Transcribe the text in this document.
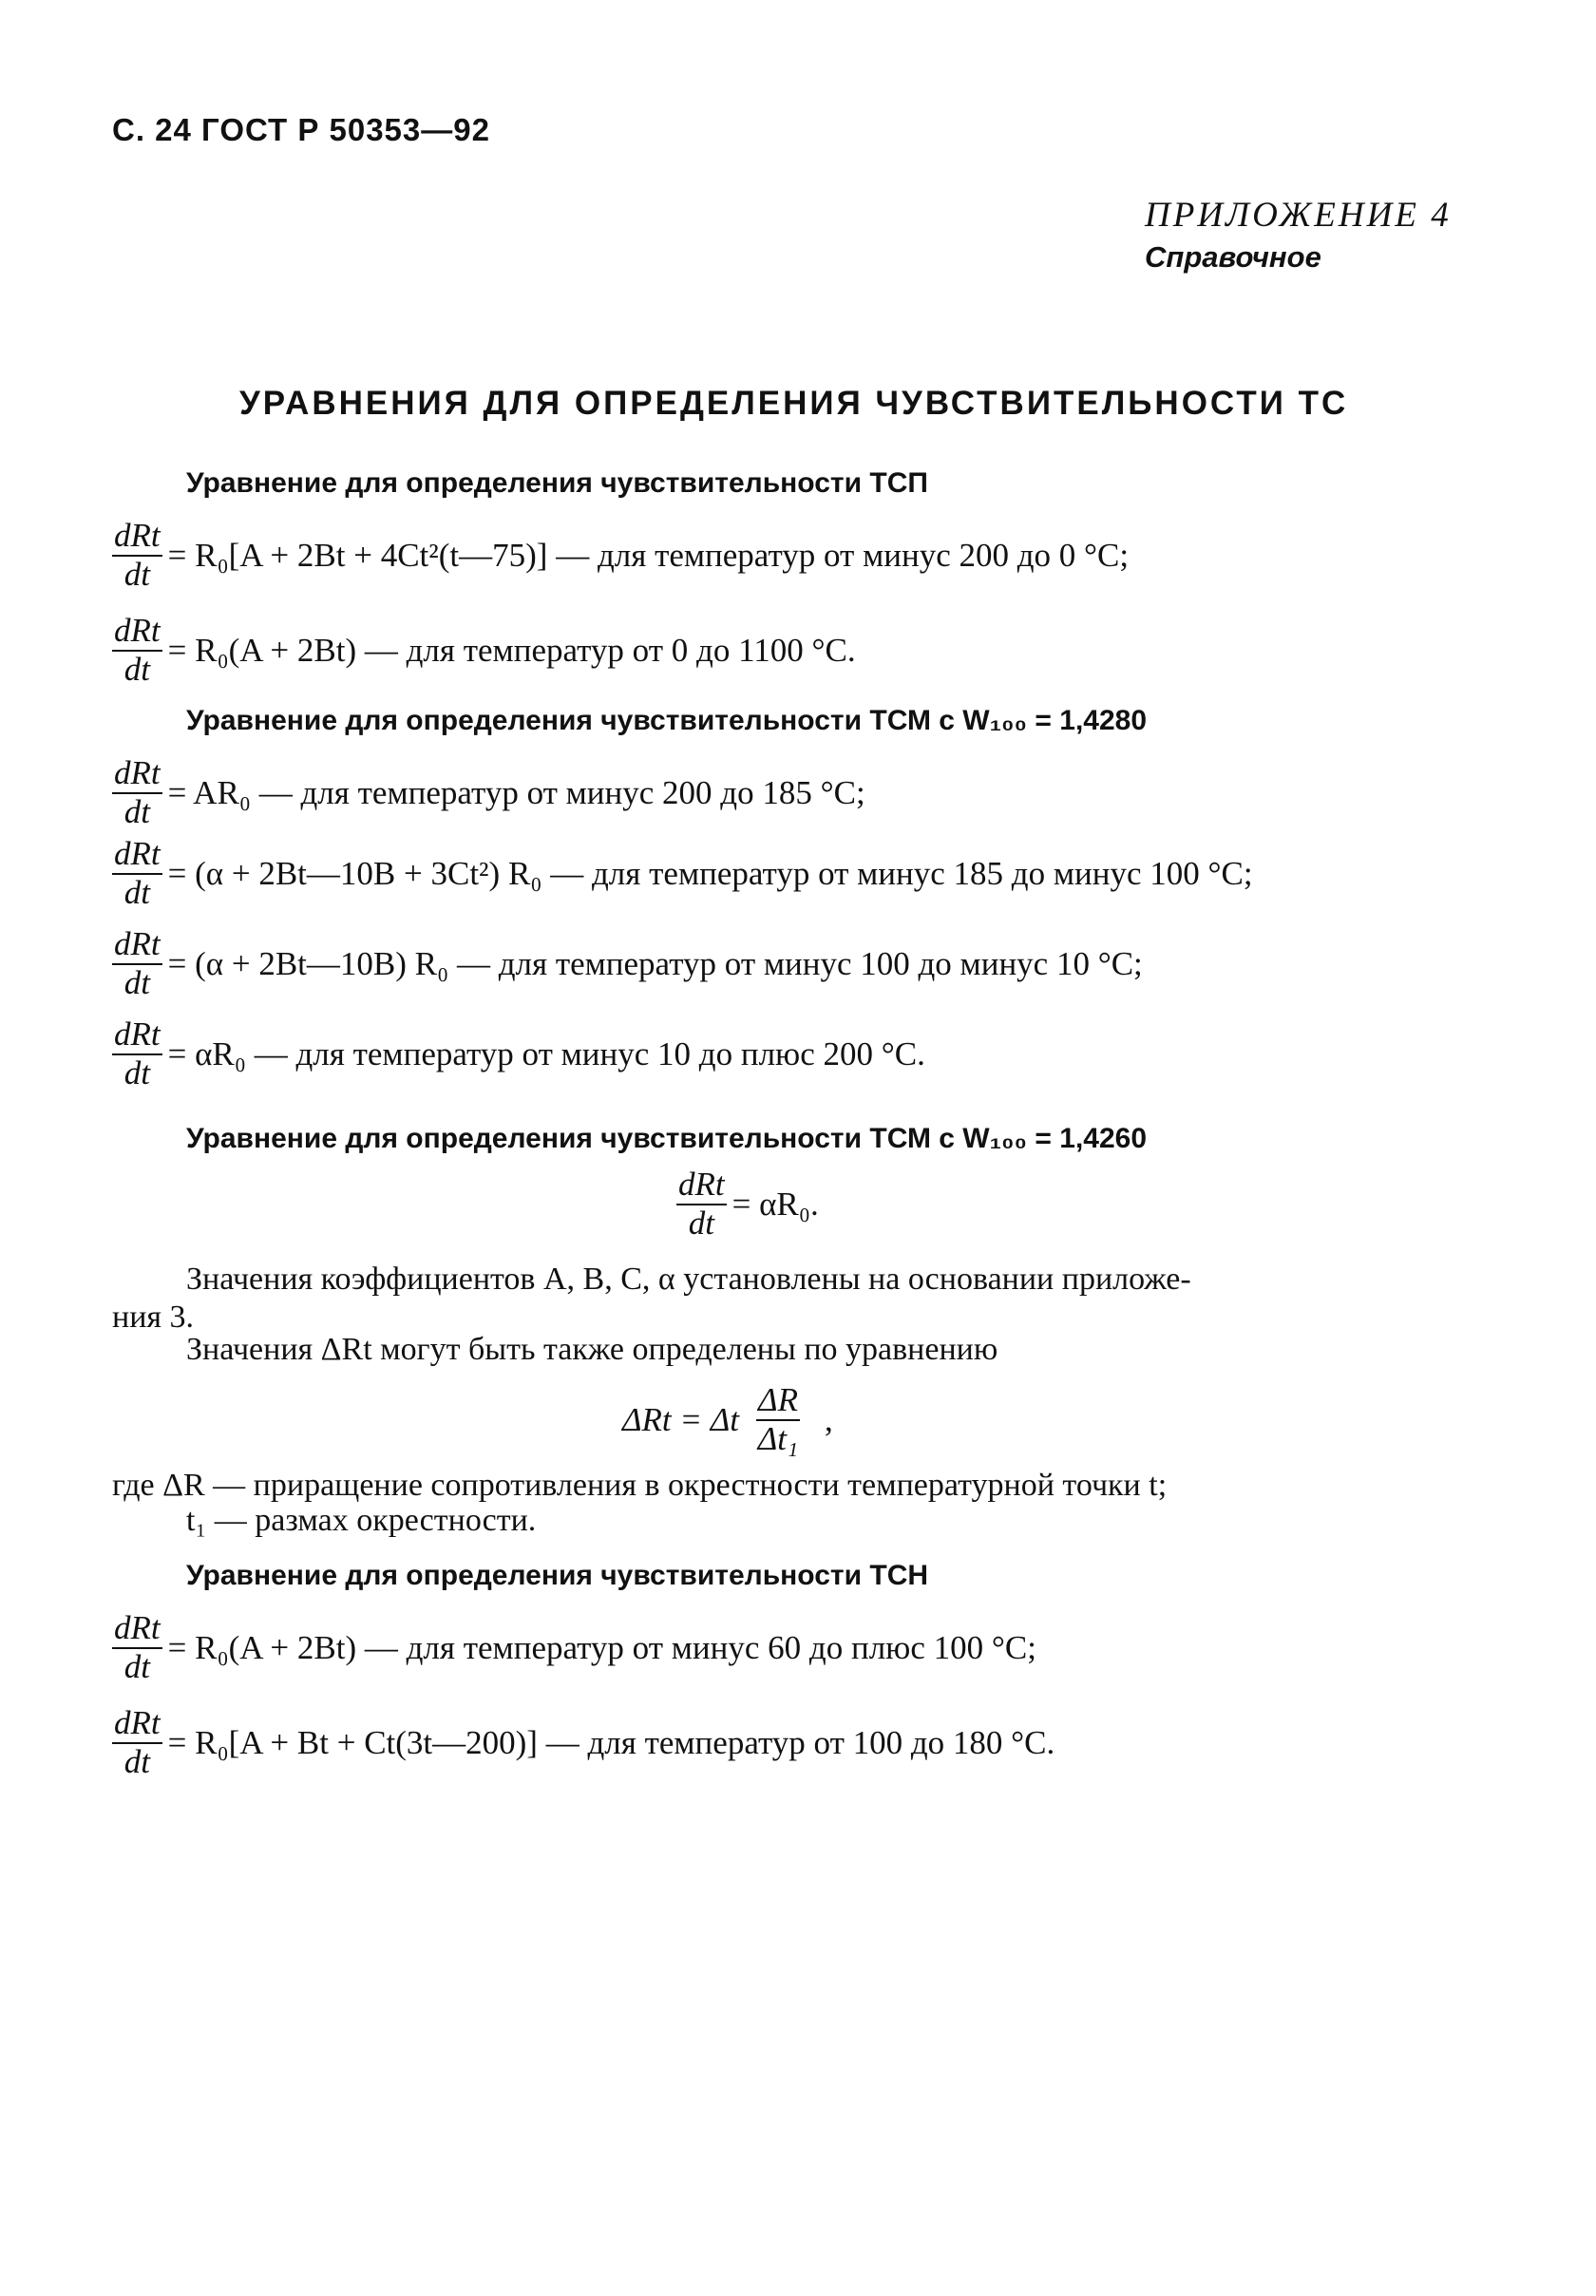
С. 24 ГОСТ Р 50353—92
ПРИЛОЖЕНИЕ 4
Справочное
УРАВНЕНИЯ ДЛЯ ОПРЕДЕЛЕНИЯ ЧУВСТВИТЕЛЬНОСТИ ТС
Уравнение для определения чувствительности ТСП
$\frac{\text{dRt}}{dt} = R_0[A + 2Bt$ + 4Ct²(t—75)] — для температур от минус 200 до 0 °С;
$\frac{\text{dRt}}{dt} = R_0(A + 2Bt)$ — для температур от 0 до 1100 °С.
Уравнение для определения чувствительности ТСМ с W₁₀₀ = 1,4280
$\frac{\text{dRt}}{dt} = AR_0$ — для температур от минус 200 до 185 °С;
$\frac{\text{dRt}}{dt} = (\alpha$ + 2Bt—10B + 3Ct²) R₀ — для температур от минус 185 до минус 100 °С;
$\frac{\text{dRt}}{dt} = (\alpha$ + 2Bt—10B) R₀ — для температур от минус 100 до минус 10 °С;
$\frac{\text{dRt}}{dt} = \alpha R_0$ — для температур от минус 10 до плюс 200 °С.
Уравнение для определения чувствительности ТСМ с W₁₀₀ = 1,4260
$\frac{\text{dRt}}{dt} = \alpha R_0$.
Значения коэффициентов А, В, С, α установлены на основании приложе-
ния 3.
Значения ΔRt могут быть также определены по уравнению
ΔRt = Δt $\frac{\Delta R}{\text{Δt₁}}$ ,
где ΔR — приращение сопротивления в окрестности температурной точки t;
t₁ — размах окрестности.
Уравнение для определения чувствительности ТСН
$\frac{\text{dRt}}{dt} = R_0(A + 2Bt)$ — для температур от минус 60 до плюс 100 °С;
$\frac{\text{dRt}}{dt} = R_0[A + Bt$ + Ct(3t—200)] — для температур от 100 до 180 °С.
